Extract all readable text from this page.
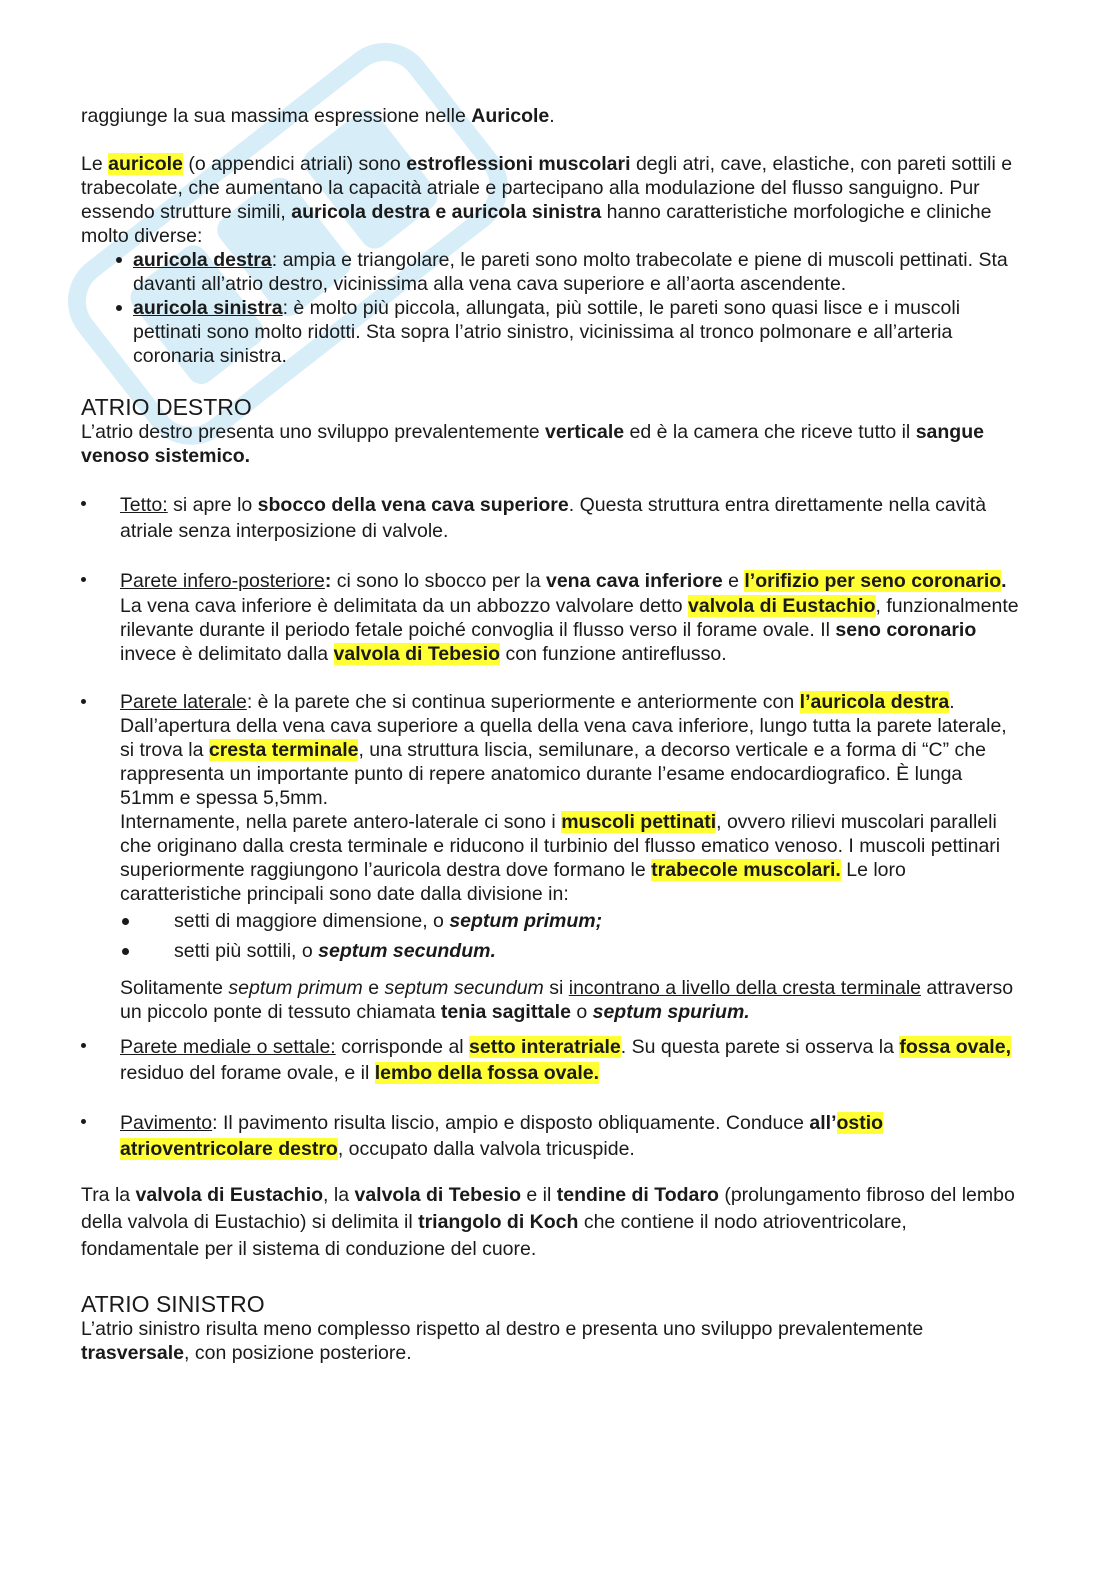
raggiunge la sua massima espressione nelle Auricole.

Le auricole (o appendici atriali) sono estroflessioni muscolari degli atri, cave, elastiche, con pareti sottili e trabecolate, che aumentano la capacità atriale e partecipano alla modulazione del flusso sanguigno. Pur essendo strutture simili, auricola destra e auricola sinistra hanno caratteristiche morfologiche e cliniche molto diverse:

auricola destra: ampia e triangolare, le pareti sono molto trabecolate e piene di muscoli pettinati. Sta davanti all’atrio destro, vicinissima alla vena cava superiore e all’aorta ascendente.
auricola sinistra: è molto più piccola, allungata, più sottile, le pareti sono quasi lisce e i muscoli pettinati sono molto ridotti. Sta sopra l’atrio sinistro, vicinissima al tronco polmonare e all’arteria coronaria sinistra.
ATRIO DESTRO

L’atrio destro presenta uno sviluppo prevalentemente verticale ed è la camera che riceve tutto il sangue venoso sistemico.

Tetto: si apre lo sbocco della vena cava superiore. Questa struttura entra direttamente nella cavità atriale senza interposizione di valvole.

Parete infero-posteriore: ci sono lo sbocco per la vena cava inferiore e l’orifizio per seno coronario.

La vena cava inferiore è delimitata da un abbozzo valvolare detto valvola di Eustachio, funzionalmente rilevante durante il periodo fetale poiché convoglia il flusso verso il forame ovale. Il seno coronario invece è delimitato dalla valvola di Tebesio con funzione antireflusso.

Parete laterale: è la parete che si continua superiormente e anteriormente con l’auricola destra. Dall’apertura della vena cava superiore a quella della vena cava inferiore, lungo tutta la parete laterale, si trova la cresta terminale, una struttura liscia, semilunare, a decorso verticale e a forma di “C” che rappresenta un importante punto di repere anatomico durante l’esame endocardiografico. È lunga 51mm e spessa 5,5mm.

Internamente, nella parete antero-laterale ci sono i muscoli pettinati, ovvero rilievi muscolari paralleli che originano dalla cresta terminale e riducono il turbinio del flusso ematico venoso. I muscoli pettinari superiormente raggiungono l’auricola destra dove formano le trabecole muscolari. Le loro caratteristiche principali sono date dalla divisione in:

setti di maggiore dimensione, o septum primum;
setti più sottili, o septum secundum.

Solitamente septum primum e septum secundum si incontrano a livello della cresta terminale attraverso un piccolo ponte di tessuto chiamata tenia sagittale o septum spurium.

Parete mediale o settale: corrisponde al setto interatriale. Su questa parete si osserva la fossa ovale, residuo del forame ovale, e il lembo della fossa ovale.
Pavimento: Il pavimento risulta liscio, ampio e disposto obliquamente. Conduce all’ostio atrioventricolare destro, occupato dalla valvola tricuspide.

Tra la valvola di Eustachio, la valvola di Tebesio e il tendine di Todaro (prolungamento fibroso del lembo della valvola di Eustachio) si delimita il triangolo di Koch che contiene il nodo atrioventricolare, fondamentale per il sistema di conduzione del cuore.

ATRIO SINISTRO

L’atrio sinistro risulta meno complesso rispetto al destro e presenta uno sviluppo prevalentemente trasversale, con posizione posteriore.
